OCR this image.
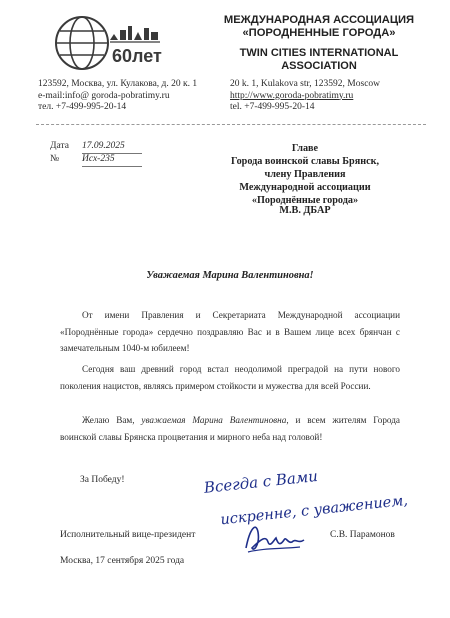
60лет
МЕЖДУНАРОДНАЯ АССОЦИАЦИЯ
«ПОРОДНЕННЫЕ ГОРОДА»
TWIN CITIES INTERNATIONAL
ASSOCIATION
123592, Москва, ул. Кулакова, д. 20 к. 1
e-mail:info@ goroda-pobratimy.ru
тел. +7-499-995-20-14
20 k. 1, Kulakova str, 123592, Moscow
http://www.goroda-pobratimy.ru
tel. +7-499-995-20-14
Дата 17.09.2025
№ Исх-235
Главе
Города воинской славы Брянск,
члену Правления
Международной ассоциации
«Породнённые города»
М.В. ДБАР
Уважаемая Марина Валентиновна!

От имени Правления и Секретариата Международной ассоциации «Породнённые города» сердечно поздравляю Вас и в Вашем лице всех брянчан с замечательным 1040-м юбилеем!

Сегодня ваш древний город встал неодолимой преградой на пути нового поколения нацистов, являясь примером стойкости и мужества для всей России.

Желаю Вам, уважаемая Марина Валентиновна, и всем жителям Города воинской славы Брянска процветания и мирного неба над головой!

За Победу!	Всегда с Вами
искренне, с уважением,
Исполнительный вице-президент	С.В. Парамонов
Москва, 17 сентября 2025 года
